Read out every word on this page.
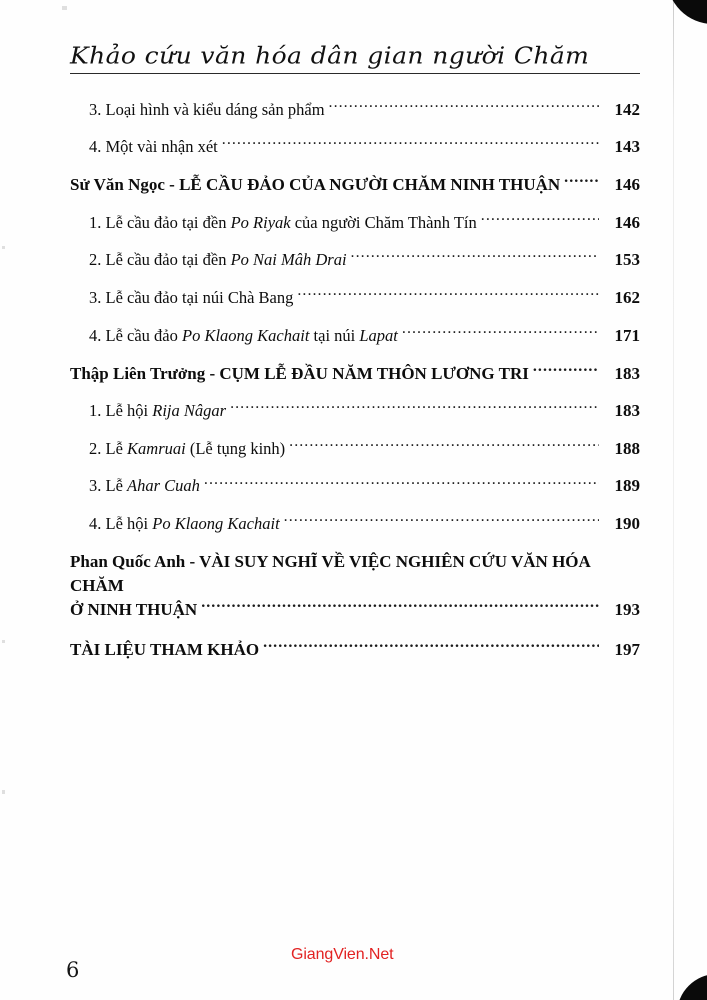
Khảo cứu văn hóa dân gian người Chăm
3. Loại hình và kiểu dáng sản phẩm .....	142
4. Một vài nhận xét .....	143
Sử Văn Ngọc - LỄ CẦU ĐẢO CỦA NGƯỜI CHĂM NINH THUẬN .....	146
1. Lễ cầu đảo tại đền Po Riyak của người Chăm Thành Tín .....	146
2. Lễ cầu đảo tại đền Po Nai Mâh Drai .....	153
3. Lễ cầu đảo tại núi Chà Bang .....	162
4. Lễ cầu đảo Po Klaong Kachait tại núi Lapat .....	171
Thập Liên Trưởng - CỤM LỄ ĐẦU NĂM THÔN LƯƠNG TRI .....	183
1. Lễ hội Rija Nâgar .....	183
2. Lễ Kamruai (Lễ tụng kinh) .....	188
3. Lễ Ahar Cuah .....	189
4. Lễ hội Po Klaong Kachait .....	190
Phan Quốc Anh - VÀI SUY NGHĨ VỀ VIỆC NGHIÊN CỨU VĂN HÓA
CHĂM
Ở NINH THUẬN .....	193
TÀI LIỆU THAM KHẢO .....	197
6
GiangVien.Net
